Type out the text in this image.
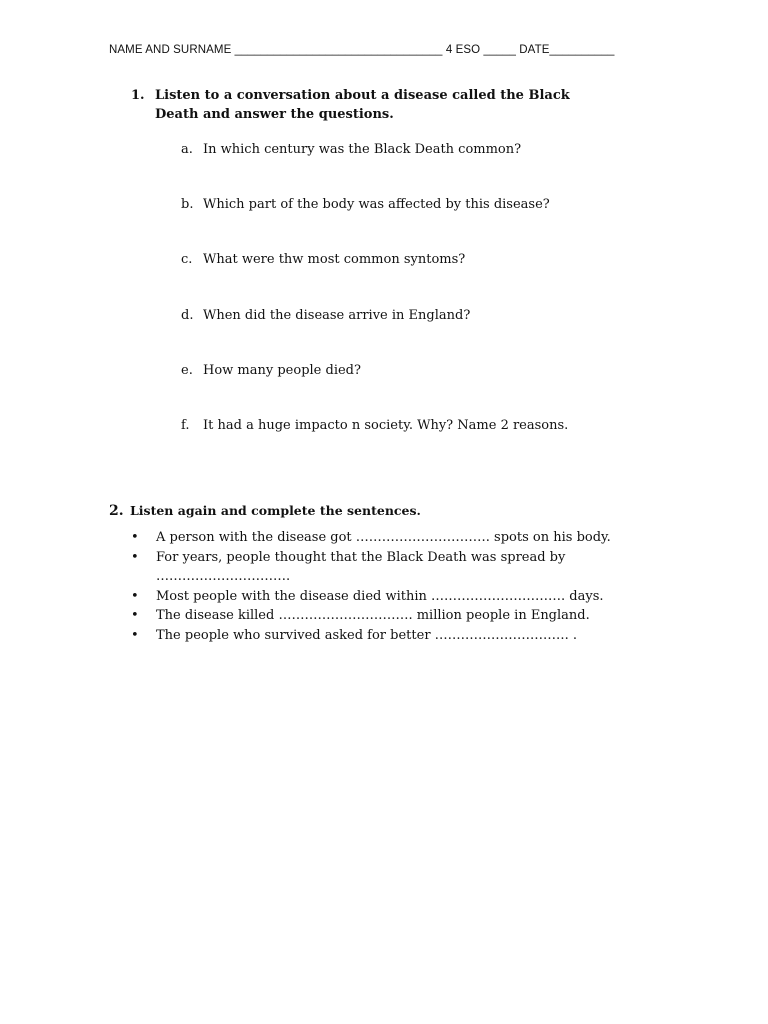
NAME AND SURNAME ________________________________ 4 ESO _____ DATE__________
1. Listen to a conversation about a disease called the Black
Death and answer the questions.
a. In which century was the Black Death common?
b. Which part of the body was affected by this disease?
c. What were thw most common syntoms?
d. When did the disease arrive in England?
e. How many people died?
f. It had a huge impacto n society. Why? Name 2 reasons.
2. Listen again and complete the sentences.
• A person with the disease got …………………………. spots on his body.
• For years, people thought that the Black Death was spread by
………………………….
• Most people with the disease died within …………………………. days.
• The disease killed …………………………. million people in England.
• The people who survived asked for better …………………………. .
